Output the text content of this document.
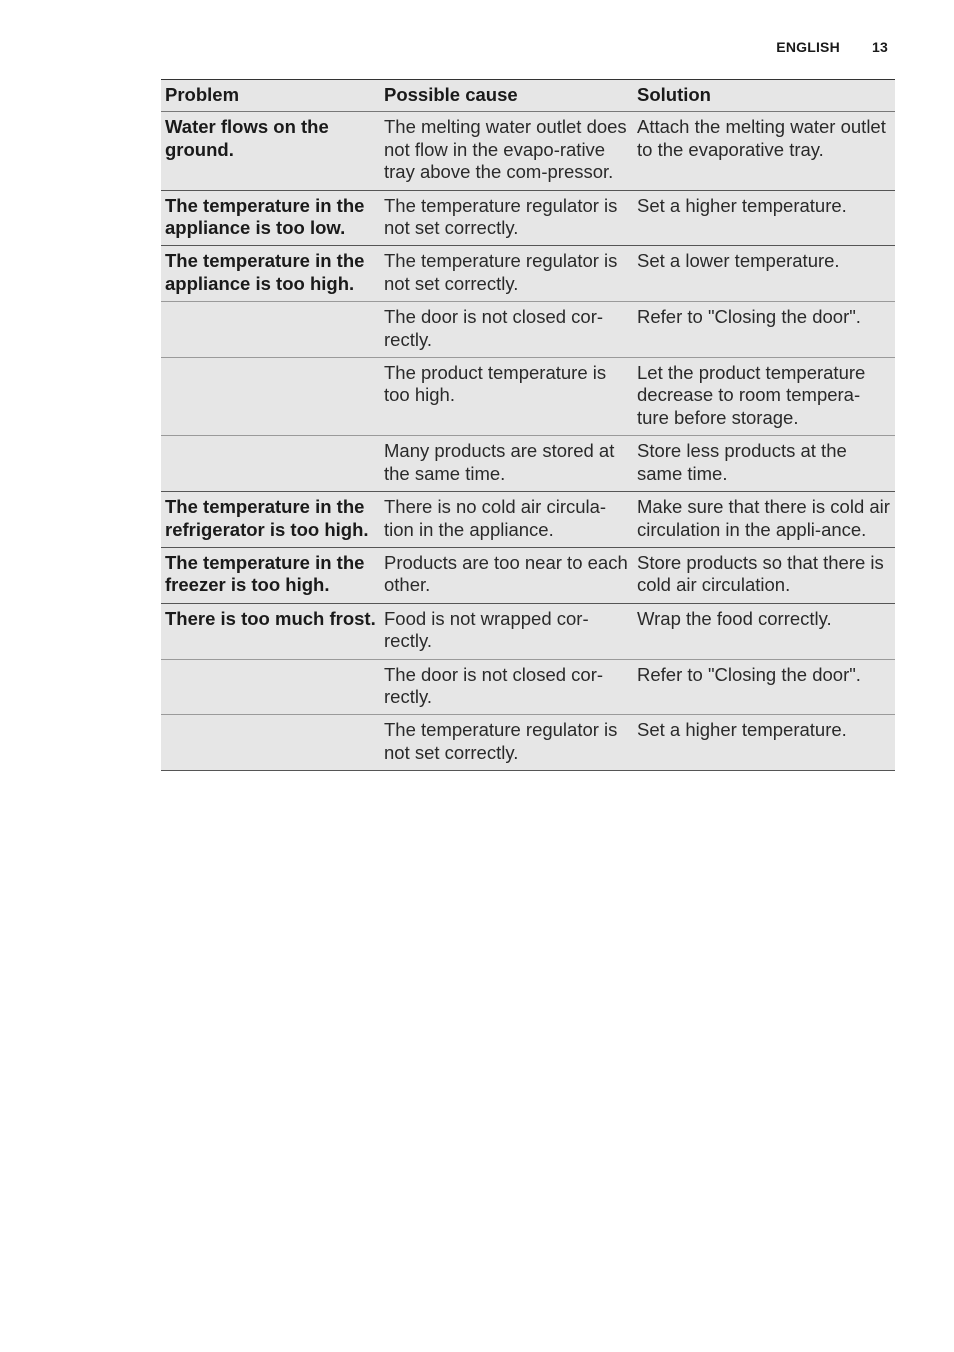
ENGLISH 13
Problem	Possible cause	Solution
Water flows on the ground.	The melting water outlet does not flow in the evapo-rative tray above the com-pressor.	Attach the melting water outlet to the evaporative tray.
The temperature in the appliance is too low.	The temperature regulator is not set correctly.	Set a higher temperature.
The temperature in the appliance is too high.	The temperature regulator is not set correctly.	Set a lower temperature.
	The door is not closed cor-rectly.	Refer to "Closing the door".
	The product temperature is too high.	Let the product temperature decrease to room tempera-ture before storage.
	Many products are stored at the same time.	Store less products at the same time.
The temperature in the refrigerator is too high.	There is no cold air circula-tion in the appliance.	Make sure that there is cold air circulation in the appli-ance.
The temperature in the freezer is too high.	Products are too near to each other.	Store products so that there is cold air circulation.
There is too much frost.	Food is not wrapped cor-rectly.	Wrap the food correctly.
	The door is not closed cor-rectly.	Refer to "Closing the door".
	The temperature regulator is not set correctly.	Set a higher temperature.
